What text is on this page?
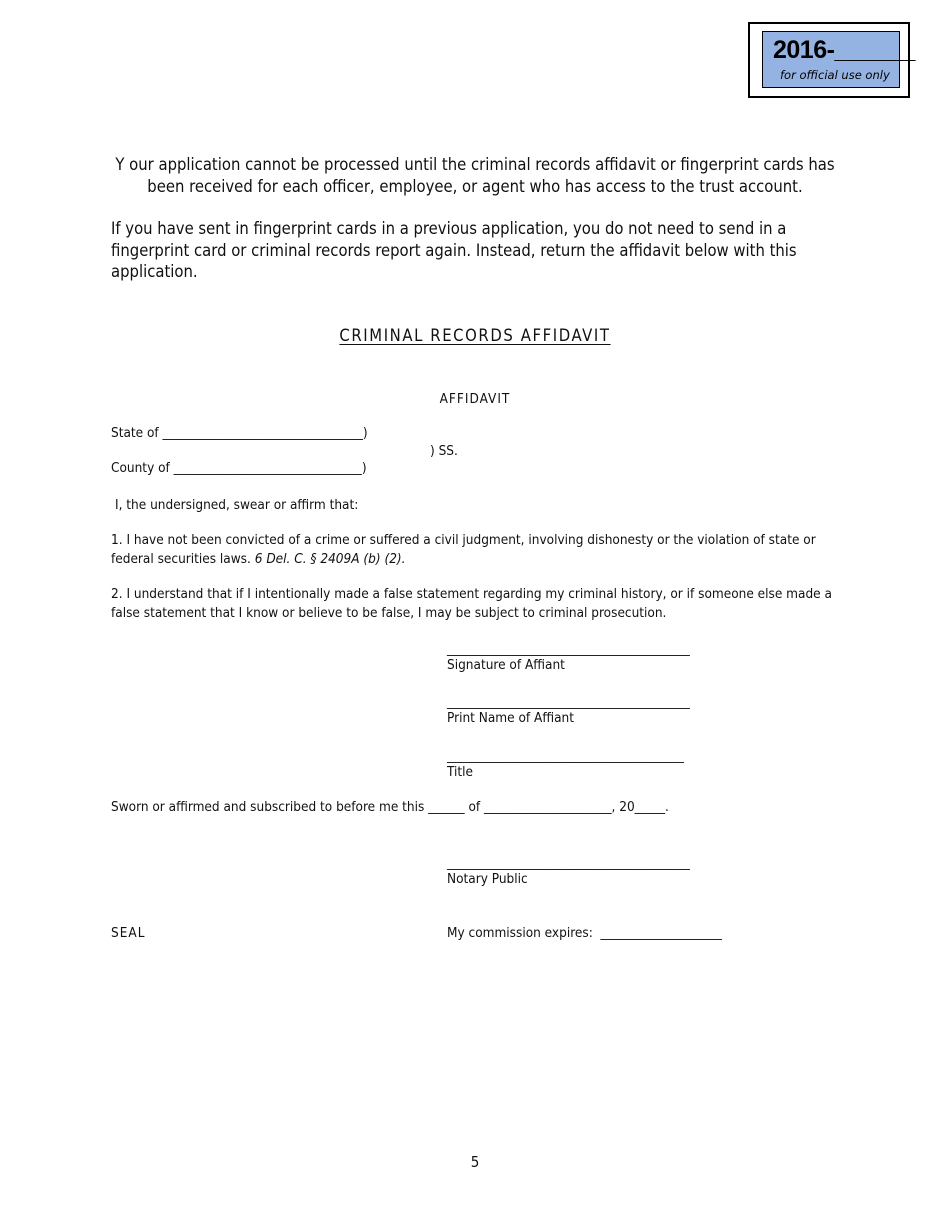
2016-______
for official use only
Y our application cannot be processed until the criminal records affidavit or fingerprint cards has
been received for each officer, employee, or agent who has access to the trust account.
If you have sent in fingerprint cards in a previous application, you do not need to send in a fingerprint card or criminal records report again. Instead, return the affidavit below with this application.
CRIMINAL RECORDS AFFIDAVIT
AFFIDAVIT
State of _________________________________)
) SS.
County of _______________________________)
I, the undersigned, swear or affirm that:
1. I have not been convicted of a crime or suffered a civil judgment, involving dishonesty or the violation of state or federal securities laws. 6 Del. C. § 2409A (b) (2).
2. I understand that if I intentionally made a false statement regarding my criminal history, or if someone else made a false statement that I know or believe to be false, I may be subject to criminal prosecution.
________________________________________
Signature of Affiant
________________________________________
Print Name of Affiant
_______________________________________
Title
Sworn or affirmed and subscribed to before me this ______ of _____________________, 20_____.
________________________________________
Notary Public
SEAL	My commission expires:  ____________________
5
